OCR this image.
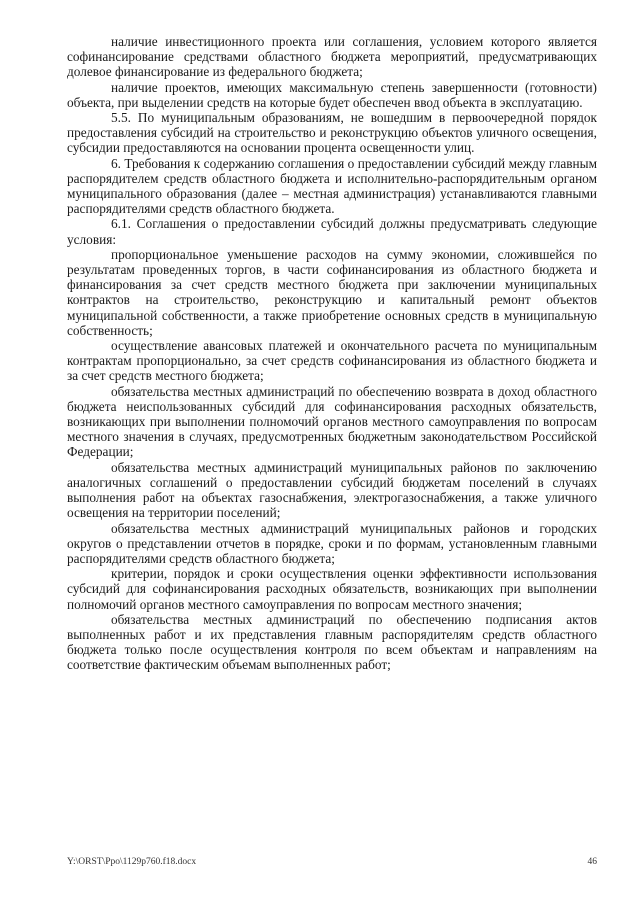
наличие инвестиционного проекта или соглашения, условием которого является софинансирование средствами областного бюджета мероприятий, предусматривающих долевое финансирование из федерального бюджета;

наличие проектов, имеющих максимальную степень завершенности (готовности) объекта, при выделении средств на которые будет обеспечен ввод объекта в эксплуатацию.

5.5. По муниципальным образованиям, не вошедшим в первоочередной порядок предоставления субсидий на строительство и реконструкцию объектов уличного освещения, субсидии предоставляются на основании процента освещенности улиц.

6. Требования к содержанию соглашения о предоставлении субсидий между главным распорядителем средств областного бюджета и исполнительно-распорядительным органом муниципального образования (далее – местная администрация) устанавливаются главными распорядителями средств областного бюджета.

6.1. Соглашения о предоставлении субсидий должны предусматривать следующие условия:

пропорциональное уменьшение расходов на сумму экономии, сложившейся по результатам проведенных торгов, в части софинансирования из областного бюджета и финансирования за счет средств местного бюджета при заключении муниципальных контрактов на строительство, реконструкцию и капитальный ремонт объектов муниципальной собственности, а также приобретение основных средств в муниципальную собственность;

осуществление авансовых платежей и окончательного расчета по муниципальным контрактам пропорционально, за счет средств софинансирования из областного бюджета и за счет средств местного бюджета;

обязательства местных администраций по обеспечению возврата в доход областного бюджета неиспользованных субсидий для софинансирования расходных обязательств, возникающих при выполнении полномочий органов местного самоуправления по вопросам местного значения в случаях, предусмотренных бюджетным законодательством Российской Федерации;

обязательства местных администраций муниципальных районов по заключению аналогичных соглашений о предоставлении субсидий бюджетам поселений в случаях выполнения работ на объектах газоснабжения, электрогазоснабжения, а также уличного освещения на территории поселений;

обязательства местных администраций муниципальных районов и городских округов о представлении отчетов в порядке, сроки и по формам, установленным главными распорядителями средств областного бюджета;

критерии, порядок и сроки осуществления оценки эффективности использования субсидий для софинансирования расходных обязательств, возникающих при выполнении полномочий органов местного самоуправления по вопросам местного значения;

обязательства местных администраций по обеспечению подписания актов выполненных работ и их представления главным распорядителям средств областного бюджета только после осуществления контроля по всем объектам и направлениям на соответствие фактическим объемам выполненных работ;

Y:\ORST\Ppo\1129p760.f18.docx	46
